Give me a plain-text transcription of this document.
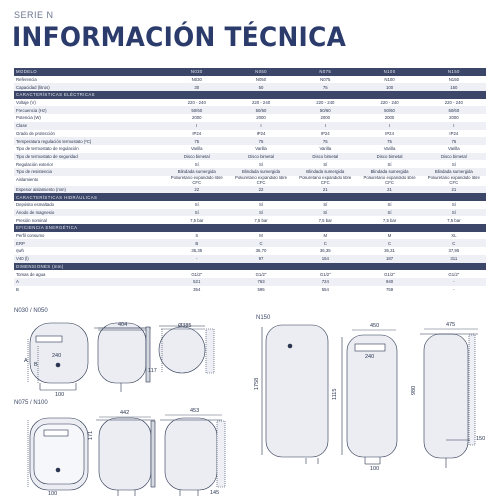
SERIE N
INFORMACIÓN TÉCNICA
MODELO	N030	N050	N075	N100	N150
Referencia	N030	N050	N075	N100	N150
Capacidad (litros)	30	50	75	100	150
CARACTERÍSTICAS ELÉCTRICAS					
Voltaje (V)	220 - 240	220 - 240	220 - 240	220 - 240	220 - 240
Frecuencia (Hz)	50/60	50/60	50/60	50/60	50/60
Potencia (W)	2000	2000	2000	2000	2000
Clase	I	I	I	I	I
Grado de protección	IP24	IP24	IP24	IP24	IP24
Temperatura regulación termostato (ºC)	75	75	75	75	75
Tipo de termostato de regulación	Varilla	Varilla	Varilla	Varilla	Varilla
Tipo de termostato de seguridad	Disco bimetal	Disco bimetal	Disco bimetal	Disco bimetal	Disco bimetal
Regulación exterior	Sí	Sí	Sí	Sí	Sí
Tipo de resistencia	Blindada sumergida	Blindada sumergida	Blindada sumergida	Blindada sumergida	Blindada sumergida
Aislamiento	Poliuretano expandido libre CFC	Poliuretano expandido libre CFC	Poliuretano expandido libre CFC	Poliuretano expandido libre CFC	Poliuretano expandido libre CFC
Espesor aislamiento (mm)	22	22	21	21	21
CARACTERÍSTICAS HIDRÁULICAS					
Depósito esmaltado	Sí	Sí	Sí	Sí	Sí
Ánodo de magnesio	Sí	Sí	Sí	Sí	Sí
Presión nominal	7,5 bar	7,5 bar	7,5 bar	7,5 bar	7,5 bar
EFICIENCIA ENERGÉTICA					
Perfil consumo	S	M	M	M	XL
ERP	B	C	C	C	C
ηwh	35,35	36,70	36,35	36,31	37,95
V40 (l)	-	97	154	187	311
DIMENSIONES (mm)					
Tomas de agua	G1/2"	G1/2"	G1/2"	G1/2"	G1/2"
A	521	763	724	940	-
B	354	595	554	759	-
N030 / N050
N075 / N100
N150
404	Ø385
240
117
100
A
B
442	453
171
145
100
450	475
240
1758
1115	980
150
100
